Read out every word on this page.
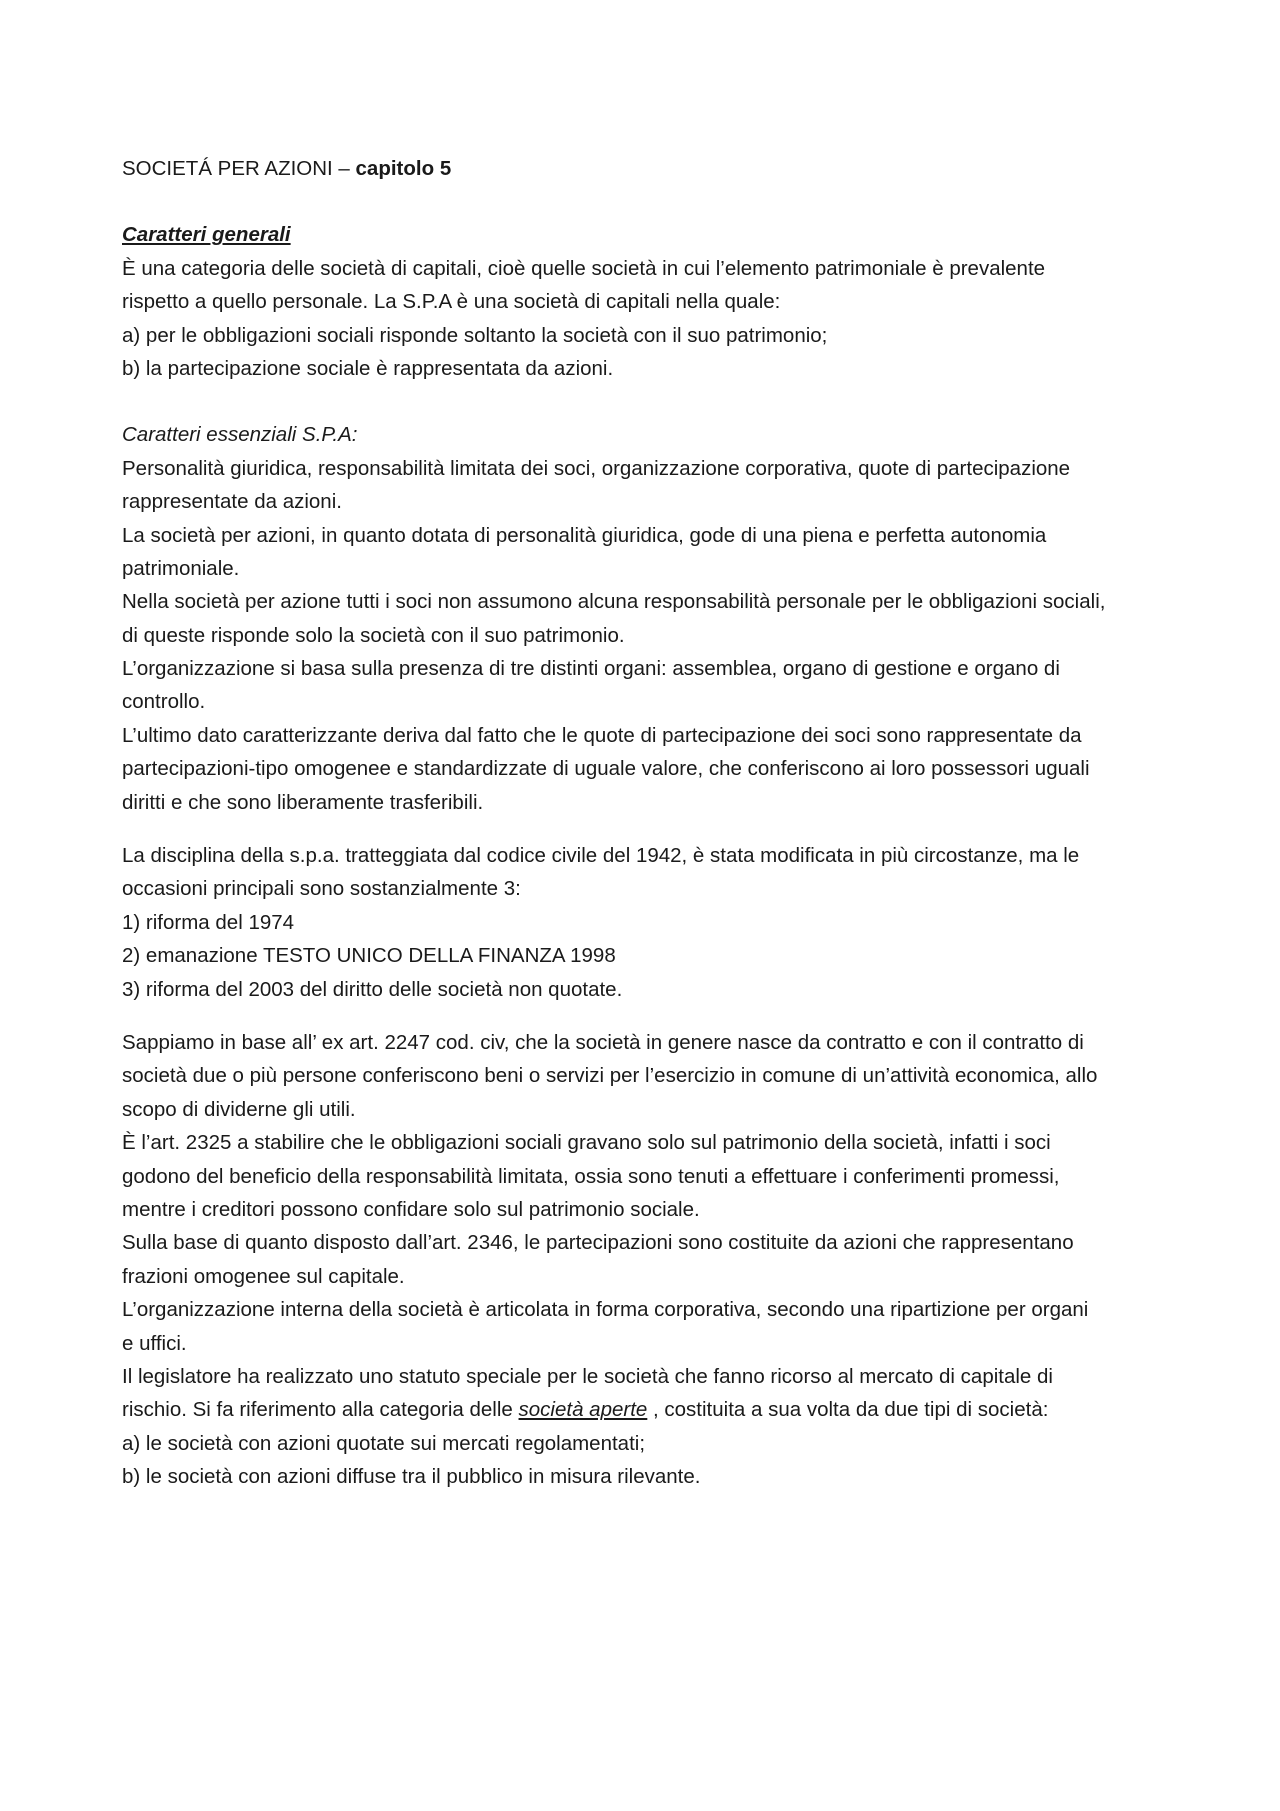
SOCIETÁ PER AZIONI – capitolo 5
Caratteri generali
È una categoria delle società di capitali, cioè quelle società in cui l’elemento patrimoniale è prevalente
rispetto a quello personale. La S.P.A è una società di capitali nella quale:
a) per le obbligazioni sociali risponde soltanto la società con il suo patrimonio;
b) la partecipazione sociale è rappresentata da azioni.
Caratteri essenziali S.P.A:
Personalità giuridica, responsabilità limitata dei soci, organizzazione corporativa, quote di partecipazione
rappresentate da azioni.
La società per azioni, in quanto dotata di personalità giuridica, gode di una piena e perfetta autonomia
patrimoniale.
Nella società per azione tutti i soci non assumono alcuna responsabilità personale per le obbligazioni sociali,
di queste risponde solo la società con il suo patrimonio.
L’organizzazione si basa sulla presenza di tre distinti organi: assemblea, organo di gestione e organo di
controllo.
L’ultimo dato caratterizzante deriva dal fatto che le quote di partecipazione dei soci sono rappresentate da
partecipazioni-tipo omogenee e standardizzate di uguale valore, che conferiscono ai loro possessori uguali
diritti e che sono liberamente trasferibili.
La disciplina della s.p.a. tratteggiata dal codice civile del 1942, è stata modificata in più circostanze, ma le
occasioni principali sono sostanzialmente 3:
1) riforma del 1974
2) emanazione TESTO UNICO DELLA FINANZA 1998
3) riforma del 2003 del diritto delle società non quotate.
Sappiamo in base all’ ex art. 2247 cod. civ, che la società in genere nasce da contratto e con il contratto di
società due o più persone conferiscono beni o servizi per l’esercizio in comune di un’attività economica, allo
scopo di dividerne gli utili.
È l’art. 2325 a stabilire che le obbligazioni sociali gravano solo sul patrimonio della società, infatti i soci
godono del beneficio della responsabilità limitata, ossia sono tenuti a effettuare i conferimenti promessi,
mentre i creditori possono confidare solo sul patrimonio sociale.
Sulla base di quanto disposto dall’art. 2346, le partecipazioni sono costituite da azioni che rappresentano
frazioni omogenee sul capitale.
L’organizzazione interna della società è articolata in forma corporativa, secondo una ripartizione per organi
e uffici.
Il legislatore ha realizzato uno statuto speciale per le società che fanno ricorso al mercato di capitale di
rischio. Si fa riferimento alla categoria delle società aperte , costituita a sua volta da due tipi di società:
a) le società con azioni quotate sui mercati regolamentati;
b) le società con azioni diffuse tra il pubblico in misura rilevante.
